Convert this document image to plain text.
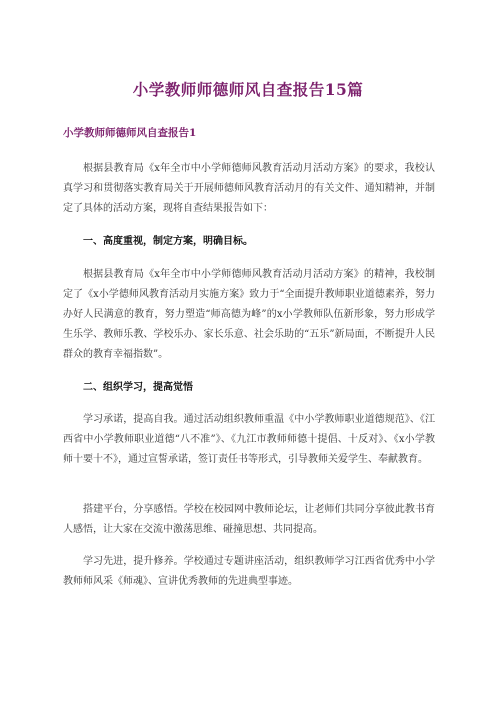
小学教师师德师风自查报告15篇
小学教师师德师风自查报告1

根据县教育局《x年全市中小学师德师风教育活动月活动方案》的要求，我校认真学习和贯彻落实教育局关于开展师德师风教育活动月的有关文件、通知精神，并制定了具体的活动方案，现将自查结果报告如下：

一、高度重视，制定方案，明确目标。

根据县教育局《x年全市中小学师德师风教育活动月活动方案》的精神，我校制定了《x小学德师风教育活动月实施方案》致力于“全面提升教师职业道德素养，努力办好人民满意的教育，努力塑造“师高德为峰”的x小学教师队伍新形象，努力形成学生乐学、教师乐教、学校乐办、家长乐意、社会乐助的“五乐”新局面，不断提升人民群众的教育幸福指数”。

二、组织学习，提高觉悟

学习承诺，提高自我。通过活动组织教师重温《中小学教师职业道德规范》、《江西省中小学教师职业道德“八不准”》、《九江市教师师德十提倡、十反对》、《x小学教师十要十不》，通过宣誓承诺，签订责任书等形式，引导教师关爱学生、奉献教育。

搭建平台，分享感悟。学校在校园网中教师论坛，让老师们共同分享彼此教书育人感悟，让大家在交流中激荡思维、碰撞思想、共同提高。

学习先进，提升修养。学校通过专题讲座活动，组织教师学习江西省优秀中小学教师师风采《师魂》、宣讲优秀教师的先进典型事迹。
